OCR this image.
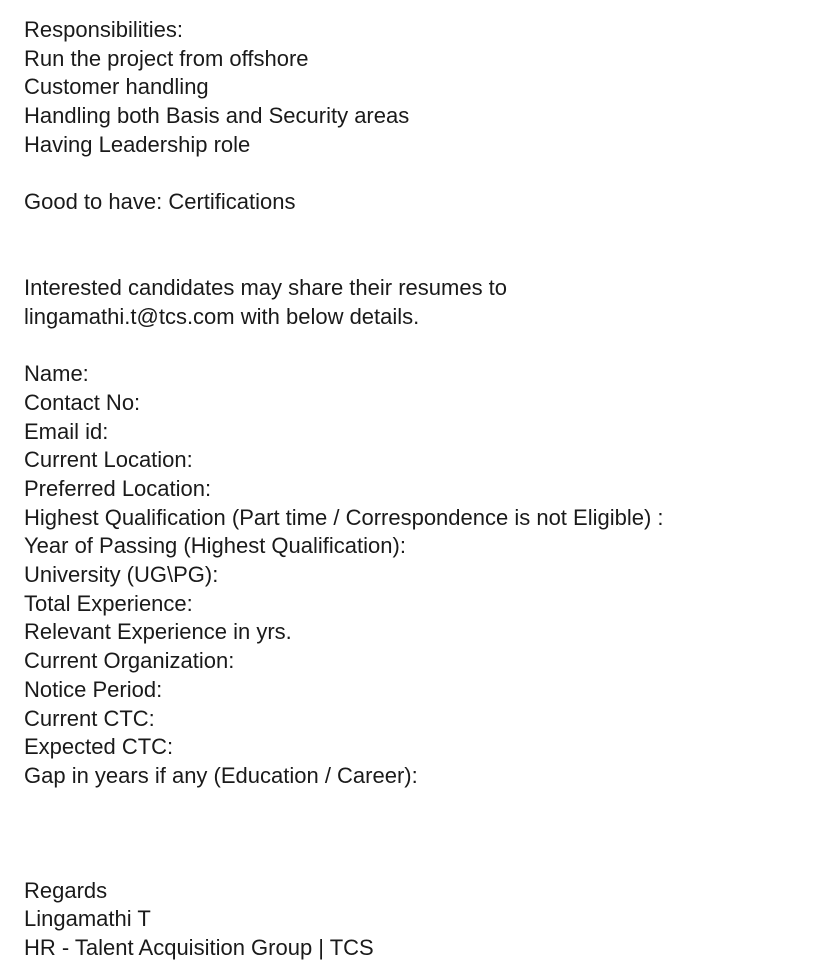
Responsibilities:
Run the project from offshore
Customer handling
Handling both Basis and Security areas
Having Leadership role
Good to have: Certifications
Interested candidates may share their resumes to
lingamathi.t@tcs.com with below details.
Name:
Contact No:
Email id:
Current Location:
Preferred Location:
Highest Qualification (Part time / Correspondence is not Eligible) :
Year of Passing (Highest Qualification):
University (UG\PG):
Total Experience:
Relevant Experience in yrs.
Current Organization:
Notice Period:
Current CTC:
Expected CTC:
Gap in years if any (Education / Career):
Regards
Lingamathi T
HR - Talent Acquisition Group | TCS
